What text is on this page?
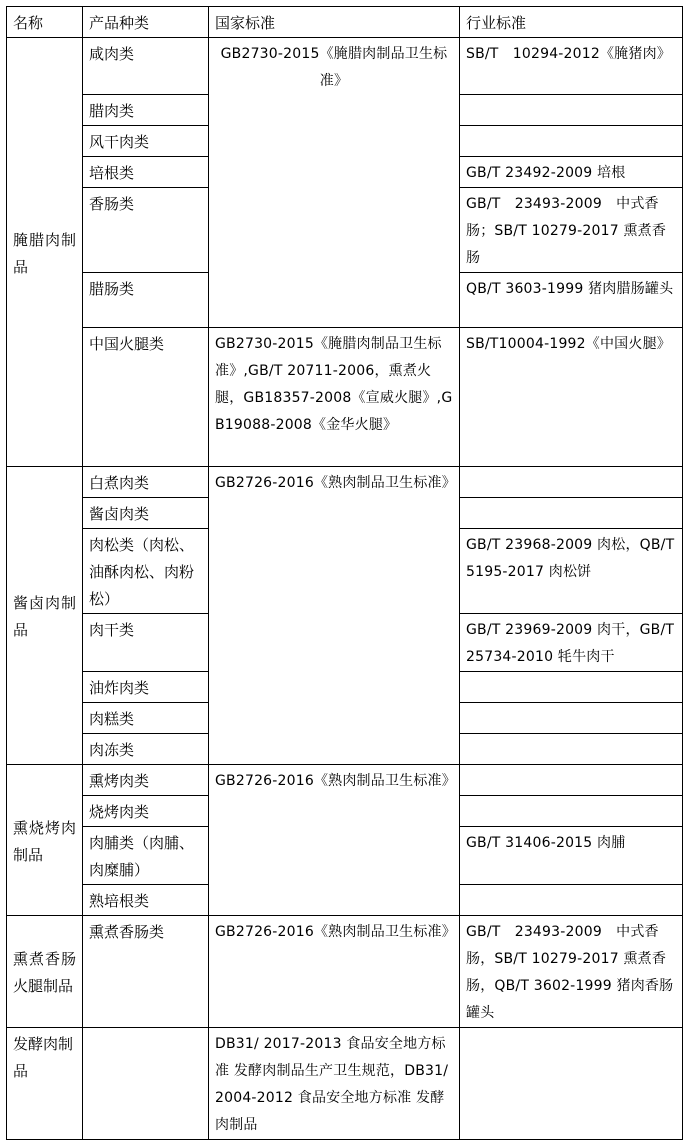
名称	产品种类	国家标准	行业标准
腌腊肉制品	咸肉类	GB2730-2015《腌腊肉制品卫生标准》	SB/T　10294-2012《腌猪肉》
	腊肉类		
	风干肉类		
	培根类		GB/T 23492-2009 培根
	香肠类		GB/T　23493-2009　中式香肠；SB/T 10279-2017 熏煮香肠
	腊肠类		QB/T 3603-1999 猪肉腊肠罐头
	中国火腿类	GB2730-2015《腌腊肉制品卫生标准》,GB/T 20711-2006，熏煮火腿，GB18357-2008《宣威火腿》,GB19088-2008《金华火腿》	SB/T10004-1992《中国火腿》
酱卤肉制品	白煮肉类	GB2726-2016《熟肉制品卫生标准》	
	酱卤肉类		
	肉松类（肉松、油酥肉松、肉粉松）		GB/T 23968-2009 肉松，QB/T 5195-2017 肉松饼
	肉干类		GB/T 23969-2009 肉干，GB/T 25734-2010 牦牛肉干
	油炸肉类		
	肉糕类		
	肉冻类		
熏烧烤肉制品	熏烤肉类	GB2726-2016《熟肉制品卫生标准》	
	烧烤肉类		
	肉脯类（肉脯、肉糜脯）		GB/T 31406-2015 肉脯
	熟培根类		
熏煮香肠火腿制品	熏煮香肠类	GB2726-2016《熟肉制品卫生标准》	GB/T　23493-2009　中式香肠，SB/T 10279-2017 熏煮香肠，QB/T 3602-1999 猪肉香肠罐头
发酵肉制品		DB31/ 2017-2013 食品安全地方标准 发酵肉制品生产卫生规范，DB31/ 2004-2012 食品安全地方标准 发酵肉制品	
